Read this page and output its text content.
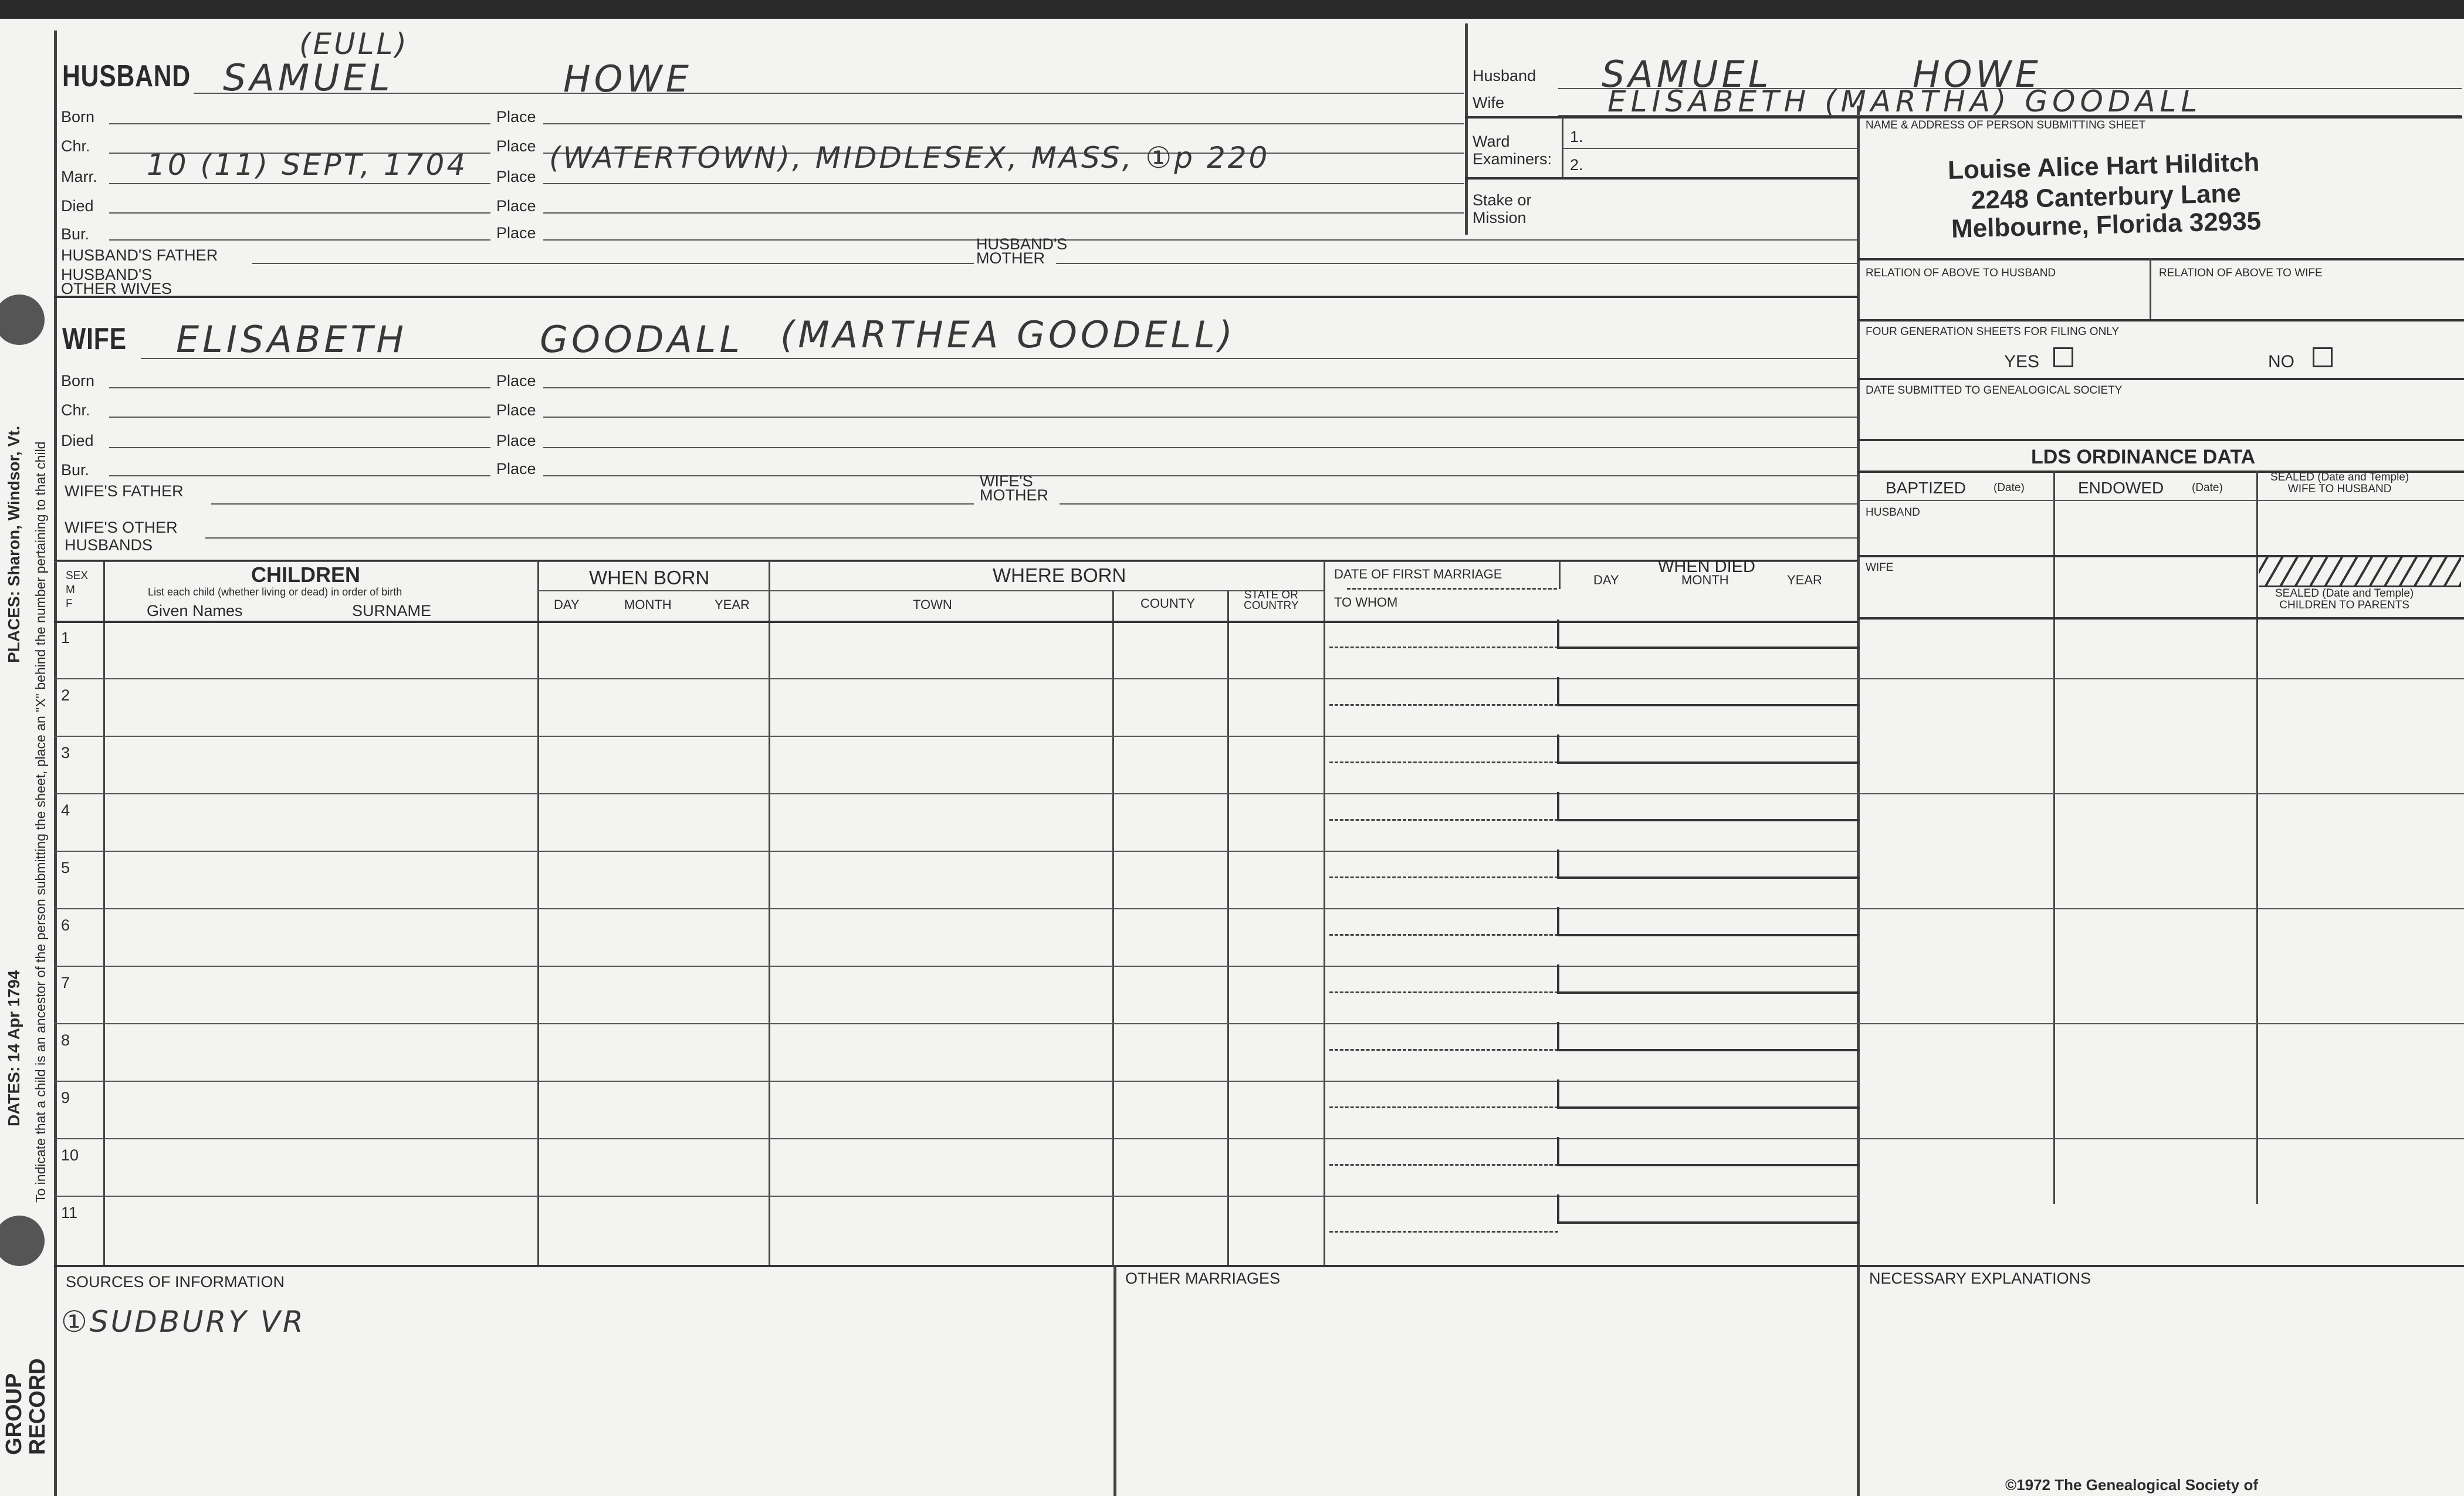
GROUP
RECORD
DATES: 14 Apr 1794
PLACES: Sharon, Windsor, Vt. To indicate that a child is an ancestor of the person submitting the sheet, place an "X" behind the number pertaining to that child
HUSBAND SAMUEL
(EULL)
HOWE
Born	Place
Chr.	Place
Marr. 10 (11) SEPT, 1704 Place
(WATERTOWN), MIDDLESEX, MASS, ①p 220
Died	Place
Bur.	Place
HUSBAND'S FATHER
HUSBAND'S
MOTHER
HUSBAND'S
OTHER WIVES
WIFE ELISABETH	GOODALL (MARTHEA GOODELL)
Born	Place
Chr.	Place
Died	Place
Bur.	Place
WIFE'S FATHER
WIFE'S
MOTHER
WIFE'S OTHER
HUSBANDS
Husband SAMUEL	HOWE
Wife	ELISABETH (MARTHA) GOODALL
Ward
Examiners:
1.
2.
Stake or
Mission
NAME & ADDRESS OF PERSON SUBMITTING SHEET
Louise Alice Hart Hilditch
2248 Canterbury Lane
Melbourne, Florida 32935
RELATION OF ABOVE TO HUSBAND	RELATION OF ABOVE TO WIFE
FOUR GENERATION SHEETS FOR FILING ONLY
YES	NO
DATE SUBMITTED TO GENEALOGICAL SOCIETY
LDS ORDINANCE DATA
BAPTIZED (Date)	ENDOWED	(Date)
SEALED (Date and Temple)
WIFE TO HUSBAND
HUSBAND
WIFE
SEALED (Date and Temple)
CHILDREN TO PARENTS
SEX
M
F
CHILDREN
List each child (whether living or dead) in order of birth
Given Names	SURNAME
WHEN BORN
DAY	MONTH	YEAR
WHERE BORN
TOWN	COUNTY
STATE OR
COUNTRY
DATE OF FIRST MARRIAGE
TO WHOM
WHEN DIED
DAY	MONTH	YEAR
1
2
3
4
5
6
7
8
9
10
11
SOURCES OF INFORMATION
①SUDBURY VR
OTHER MARRIAGES	NECESSARY EXPLANATIONS
©1972 The Genealogical Society of
